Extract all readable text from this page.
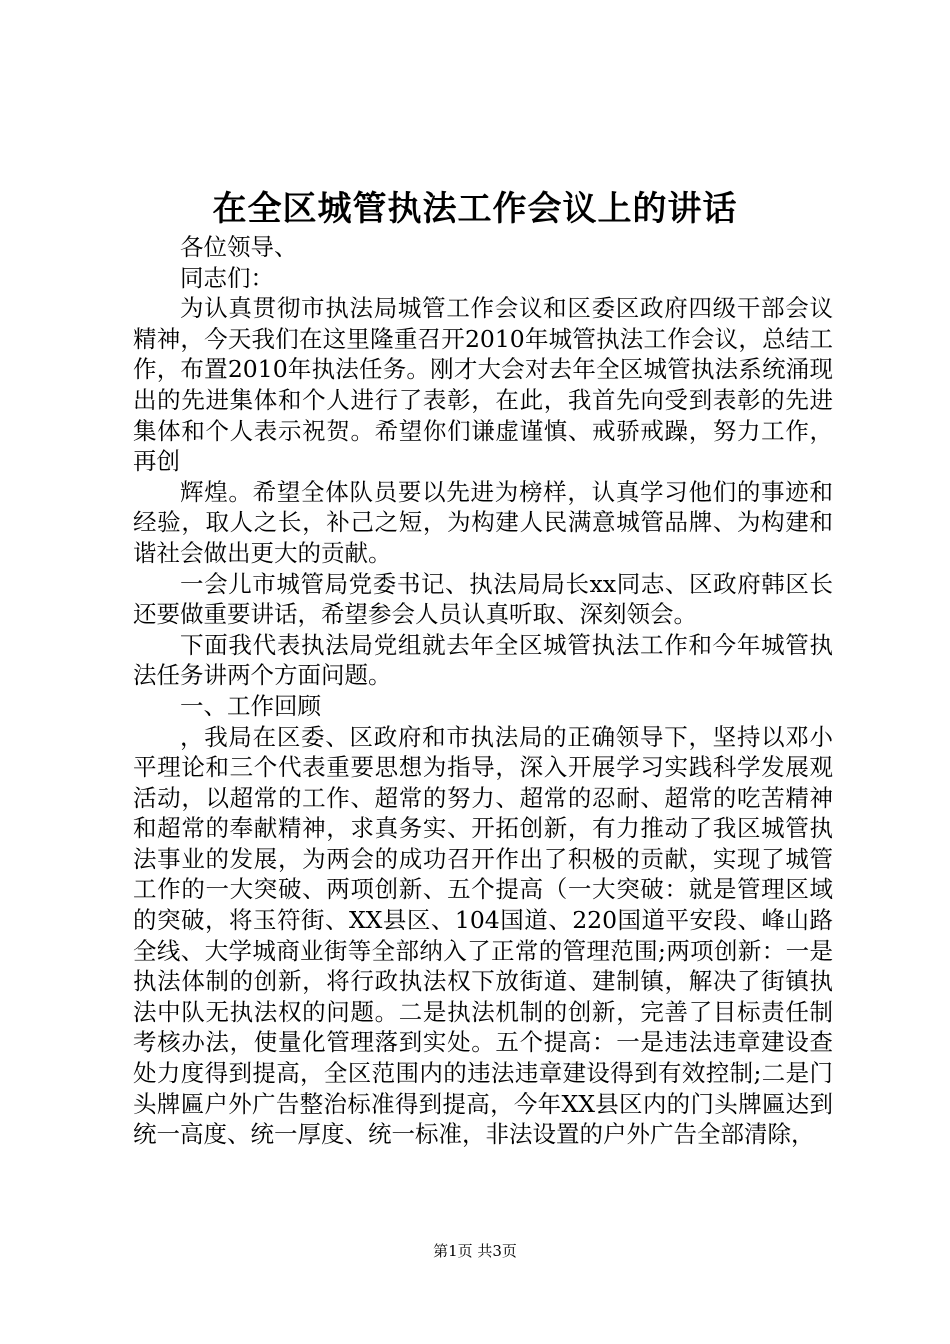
在全区城管执法工作会议上的讲话

各位领导、

同志们：

为认真贯彻市执法局城管工作会议和区委区政府四级干部会议精神，今天我们在这里隆重召开2010年城管执法工作会议，总结工作，布置2010年执法任务。刚才大会对去年全区城管执法系统涌现出的先进集体和个人进行了表彰，在此，我首先向受到表彰的先进集体和个人表示祝贺。希望你们谦虚谨慎、戒骄戒躁，努力工作，再创

辉煌。希望全体队员要以先进为榜样，认真学习他们的事迹和经验，取人之长，补己之短，为构建人民满意城管品牌、为构建和谐社会做出更大的贡献。

一会儿市城管局党委书记、执法局局长xx同志、区政府韩区长还要做重要讲话，希望参会人员认真听取、深刻领会。

下面我代表执法局党组就去年全区城管执法工作和今年城管执法任务讲两个方面问题。

一、工作回顾

，我局在区委、区政府和市执法局的正确领导下，坚持以邓小平理论和三个代表重要思想为指导，深入开展学习实践科学发展观活动，以超常的工作、超常的努力、超常的忍耐、超常的吃苦精神和超常的奉献精神，求真务实、开拓创新，有力推动了我区城管执法事业的发展，为两会的成功召开作出了积极的贡献，实现了城管工作的一大突破、两项创新、五个提高（一大突破：就是管理区域的突破，将玉符街、XX县区、104国道、220国道平安段、峰山路全线、大学城商业街等全部纳入了正常的管理范围;两项创新：一是执法体制的创新，将行政执法权下放街道、建制镇，解决了街镇执法中队无执法权的问题。二是执法机制的创新，完善了目标责任制考核办法，使量化管理落到实处。五个提高：一是违法违章建设查处力度得到提高，全区范围内的违法违章建设得到有效控制;二是门头牌匾户外广告整治标准得到提高，今年XX县区内的门头牌匾达到统一高度、统一厚度、统一标准，非法设置的户外广告全部清除，

第1页 共3页
